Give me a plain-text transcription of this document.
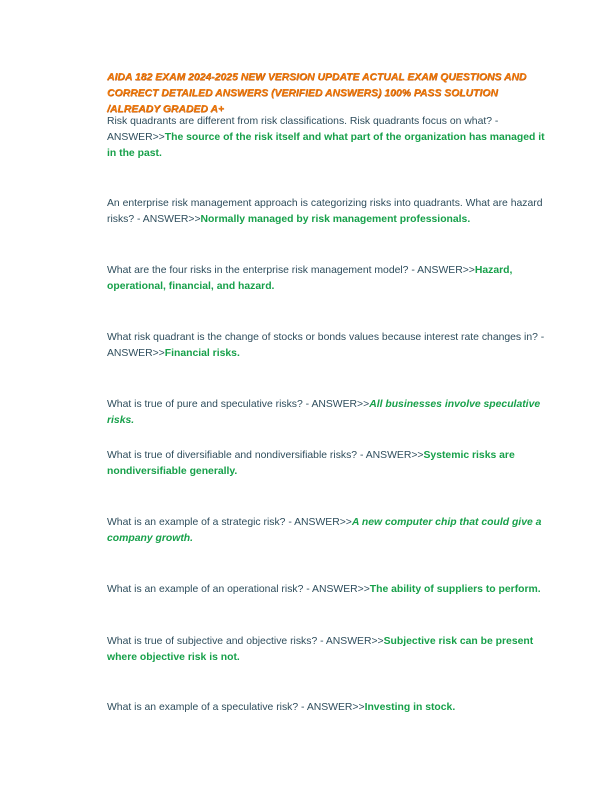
AIDA 182 EXAM 2024-2025 NEW VERSION UPDATE ACTUAL EXAM QUESTIONS AND CORRECT DETAILED ANSWERS (VERIFIED ANSWERS) 100% PASS SOLUTION /ALREADY GRADED A+

Risk quadrants are different from risk classifications. Risk quadrants focus on what? - ANSWER>>The source of the risk itself and what part of the organization has managed it in the past.

An enterprise risk management approach is categorizing risks into quadrants. What are hazard risks? - ANSWER>>Normally managed by risk management professionals.

What are the four risks in the enterprise risk management model? - ANSWER>>Hazard, operational, financial, and hazard.

What risk quadrant is the change of stocks or bonds values because interest rate changes in? - ANSWER>>Financial risks.

What is true of pure and speculative risks? - ANSWER>>All businesses involve speculative risks.

What is true of diversifiable and nondiversifiable risks? - ANSWER>>Systemic risks are nondiversifiable generally.

What is an example of a strategic risk? - ANSWER>>A new computer chip that could give a company growth.

What is an example of an operational risk? - ANSWER>>The ability of suppliers to perform.

What is true of subjective and objective risks? - ANSWER>>Subjective risk can be present where objective risk is not.

What is an example of a speculative risk? - ANSWER>>Investing in stock.
